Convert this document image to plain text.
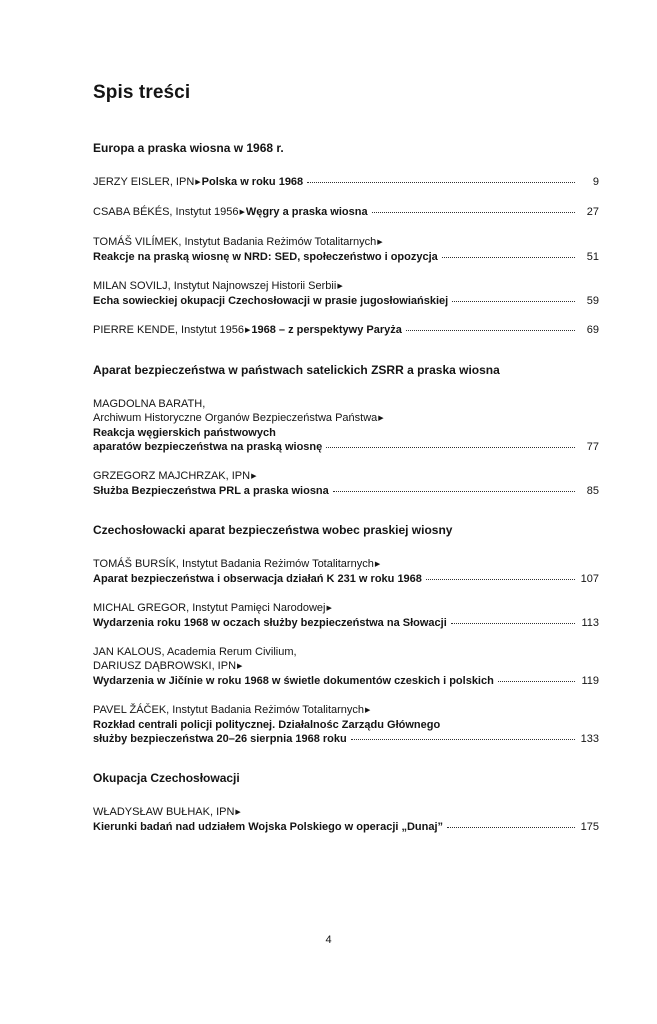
Spis treści
Europa a praska wiosna w 1968 r.
JERZY EISLER, IPN▶Polska w roku 1968	9
CSABA BÉKÉS, Instytut 1956▶Węgry a praska wiosna	27
TOMÁŠ VILÍMEK, Instytut Badania Reżimów Totalitarnych▶
Reakcje na praską wiosnę w NRD: SED, społeczeństwo i opozycja	51
MILAN SOVILJ, Instytut Najnowszej Historii Serbii▶
Echa sowieckiej okupacji Czechosłowacji w prasie jugosłowiańskiej	59
PIERRE KENDE, Instytut 1956▶1968 – z perspektywy Paryża	69
Aparat bezpieczeństwa w państwach satelickich ZSRR a praska wiosna
MAGDOLNA BARATH,
Archiwum Historyczne Organów Bezpieczeństwa Państwa▶
Reakcja węgierskich państwowych
aparatów bezpieczeństwa na praską wiosnę	77
GRZEGORZ MAJCHRZAK, IPN▶
Służba Bezpieczeństwa PRL a praska wiosna	85
Czechosłowacki aparat bezpieczeństwa wobec praskiej wiosny
TOMÁŠ BURSÍK, Instytut Badania Reżimów Totalitarnych▶
Aparat bezpieczeństwa i obserwacja działań K 231 w roku 1968	107
MICHAL GREGOR, Instytut Pamięci Narodowej▶
Wydarzenia roku 1968 w oczach służby bezpieczeństwa na Słowacji	113
JAN KALOUS, Academia Rerum Civilium,
DARIUSZ DĄBROWSKI, IPN▶
Wydarzenia w Jičínie w roku 1968 w świetle dokumentów czeskich i polskich	119
PAVEL ŽÁČEK, Instytut Badania Reżimów Totalitarnych▶
Rozkład centrali policji politycznej. Działalnośc Zarządu Głównego
służby bezpieczeństwa 20–26 sierpnia 1968 roku	133
Okupacja Czechosłowacji
WŁADYSŁAW BUŁHAK, IPN▶
Kierunki badań nad udziałem Wojska Polskiego w operacji „Dunaj”	175
4
